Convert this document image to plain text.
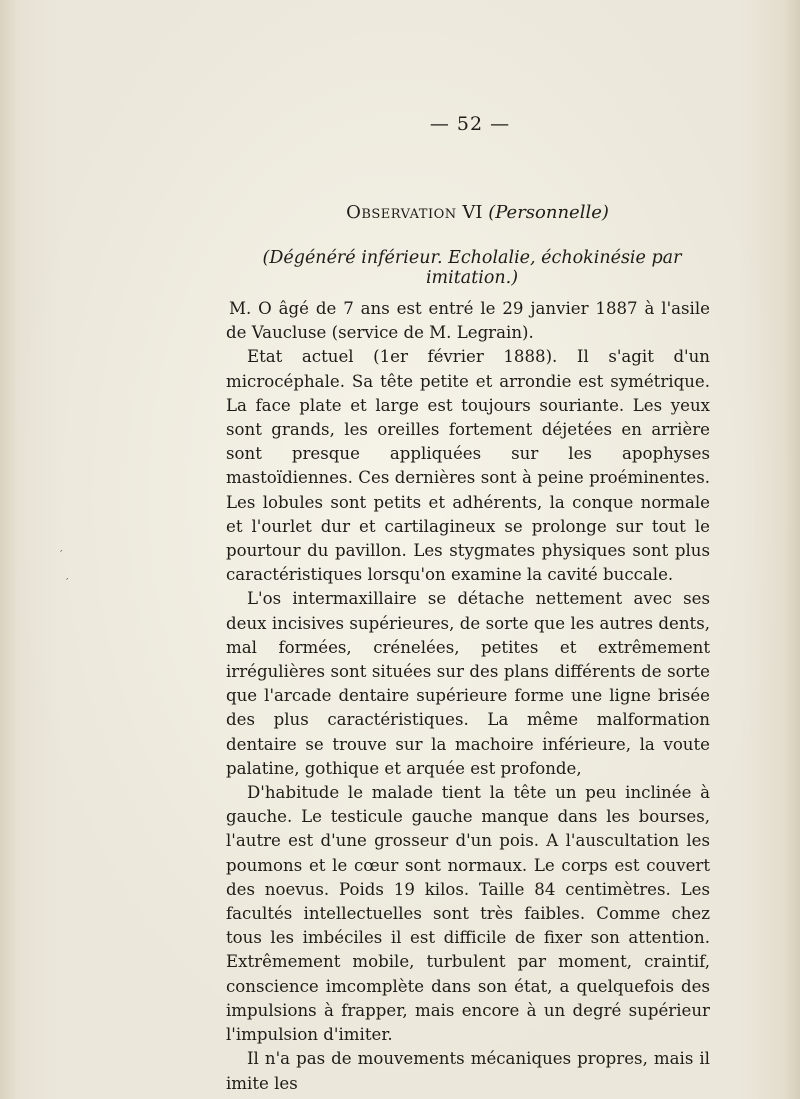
— 52 —
Observation VI (Personnelle)
(Dégénéré inférieur. Echolalie, échokinésie par imitation.)

M. O âgé de 7 ans est entré le 29 janvier 1887 à l'asile de Vaucluse (service de M. Legrain).

Etat actuel (1er février 1888). Il s'agit d'un microcéphale. Sa tête petite et arrondie est symétrique. La face plate et large est toujours souriante. Les yeux sont grands, les oreilles fortement déjetées en arrière sont presque appliquées sur les apophyses mastoïdiennes. Ces dernières sont à peine proéminentes. Les lobules sont petits et adhérents, la conque normale et l'ourlet dur et cartilagineux se prolonge sur tout le pourtour du pavillon. Les stygmates physiques sont plus caractéristiques lorsqu'on examine la cavité buccale.

L'os intermaxillaire se détache nettement avec ses deux incisives supérieures, de sorte que les autres dents, mal formées, crénelées, petites et extrêmement irrégulières sont situées sur des plans différents de sorte que l'arcade dentaire supérieure forme une ligne brisée des plus caractéristiques. La même malformation dentaire se trouve sur la machoire inférieure, la voute palatine, gothique et arquée est profonde,

D'habitude le malade tient la tête un peu inclinée à gauche. Le testicule gauche manque dans les bourses, l'autre est d'une grosseur d'un pois. A l'auscultation les poumons et le cœur sont normaux. Le corps est couvert des noevus. Poids 19 kilos. Taille 84 centimètres. Les facultés intellectuelles sont très faibles. Comme chez tous les imbéciles il est difficile de fixer son attention. Extrêmement mobile, turbulent par moment, craintif, conscience imcomplète dans son état, a quelquefois des impulsions à frapper, mais encore à un degré supérieur l'impulsion d'imiter.

Il n'a pas de mouvements mécaniques propres, mais il imite les

′
′
